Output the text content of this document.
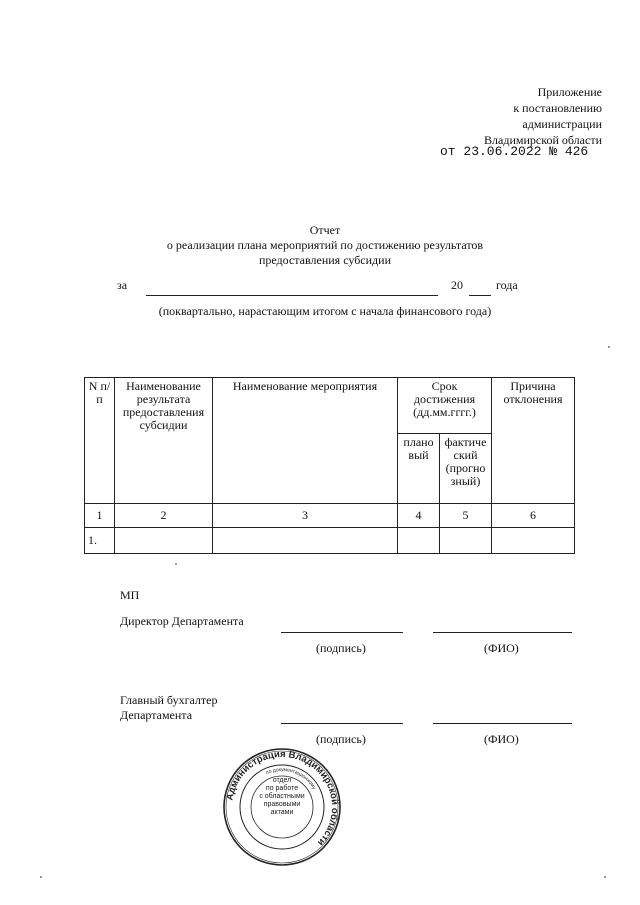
Приложение
к постановлению
администрации
Владимирской области
от 23.06.2022 № 426
Отчет
о реализации плана мероприятий по достижению результатов
предоставления субсидии
за	20	года
(поквартально, нарастающим итогом с начала финансового года)
N п/п	Наименование результата предоставления субсидии	Наименование мероприятия	Срок достижения (дд.мм.гггг.)		Причина отклонения
			плано вый	фактиче ский (прогно зный)	
1	2	3	4	5	6
1.					
МП
Директор Департамента
(подпись)	(ФИО)
Главный бухгалтер
Департамента
(подпись)	(ФИО)
Администрация Владимирской области
по документационному
отдел
по работе
с областными
правовыми
актами
